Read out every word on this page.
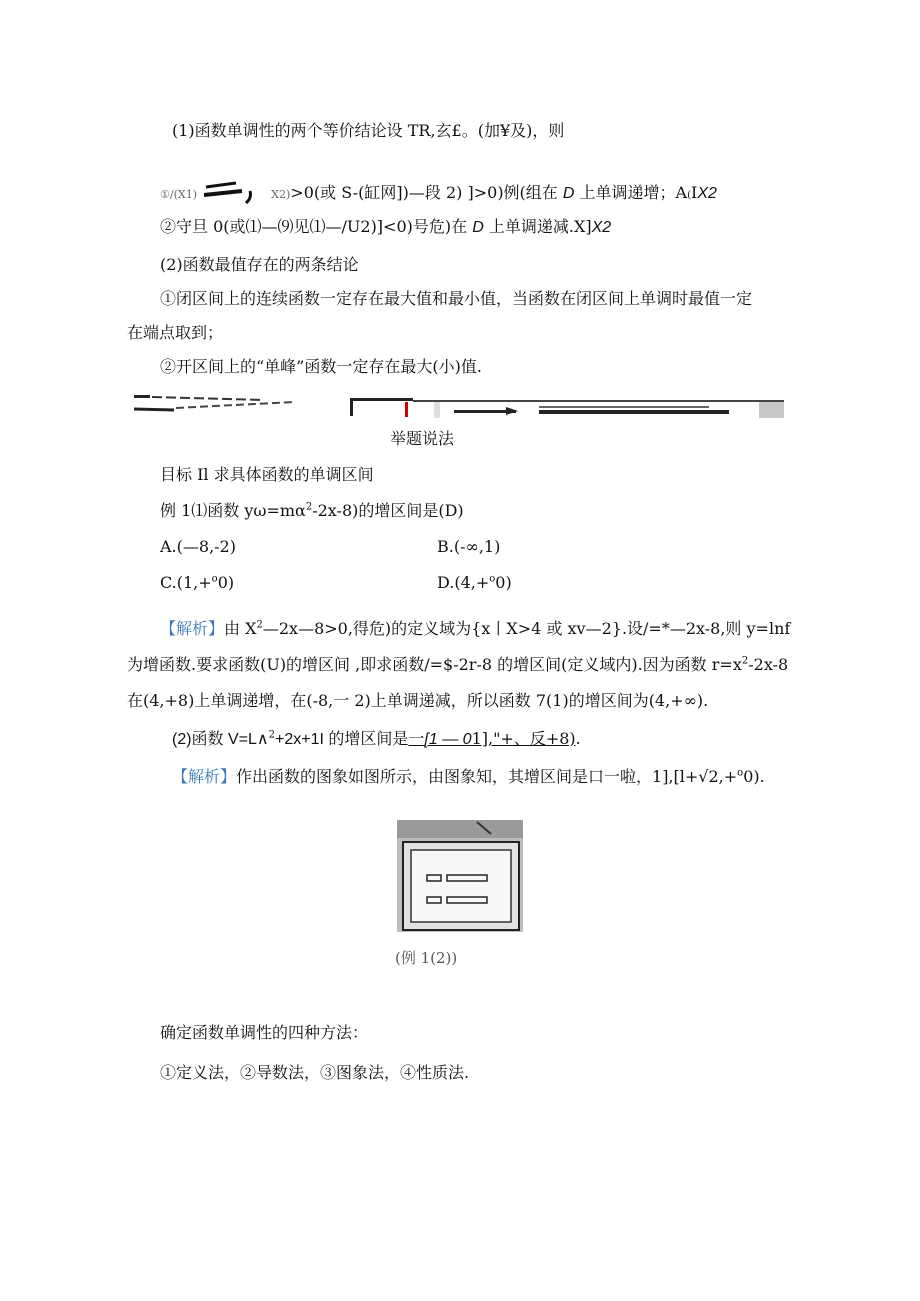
(1)函数单调性的两个等价结论设 TR,玄£。(加¥及)，则
①/(X1)	X2)>0(或 S-(缸网])—段 2) ]>0)例(组在 D 上单调递增；A(IX2
②守旦 0(或⑴—⑼见⑴—/U2)]<0)号危)在 D 上单调递减.X]X2
(2)函数最值存在的两条结论
①闭区间上的连续函数一定存在最大值和最小值，当函数在闭区间上单调时最值一定
在端点取到；
②开区间上的“单峰”函数一定存在最大(小)值.
举题说法
目标 Il 求具体函数的单调区间
例 1⑴函数 $y\omega=m\alpha^2-2x-8$)的增区间是(D)
A.(—8,-2)	B.(-∞,1)
C.(1,+$^o$0)	D.(4,+$^o$0)
【解析】由 $X^2—2x—8>0$,得危)的定义域为{x丨X>4 或 xv—2}.设/=*—2x-8,则 y=lnf
为增函数.要求函数(U)的增区间 ,即求函数/=$-2r-8 的增区间(定义域内).因为函数 $r=x^2-2x-8$
在(4,+8)上单调递增，在(-8,一 2)上单调递减，所以函数 7(1)的增区间为(4,+∞).
(2)函数 V=L∧$^2$+2x+1I 的增区间是一[1 — 01],"+、反+8).
【解析】作出函数的图象如图所示，由图象知，其增区间是口一啦，1],[l+√2,+$^o$0).
(例 1(2))
确定函数单调性的四种方法：
①定义法，②导数法，③图象法，④性质法.
